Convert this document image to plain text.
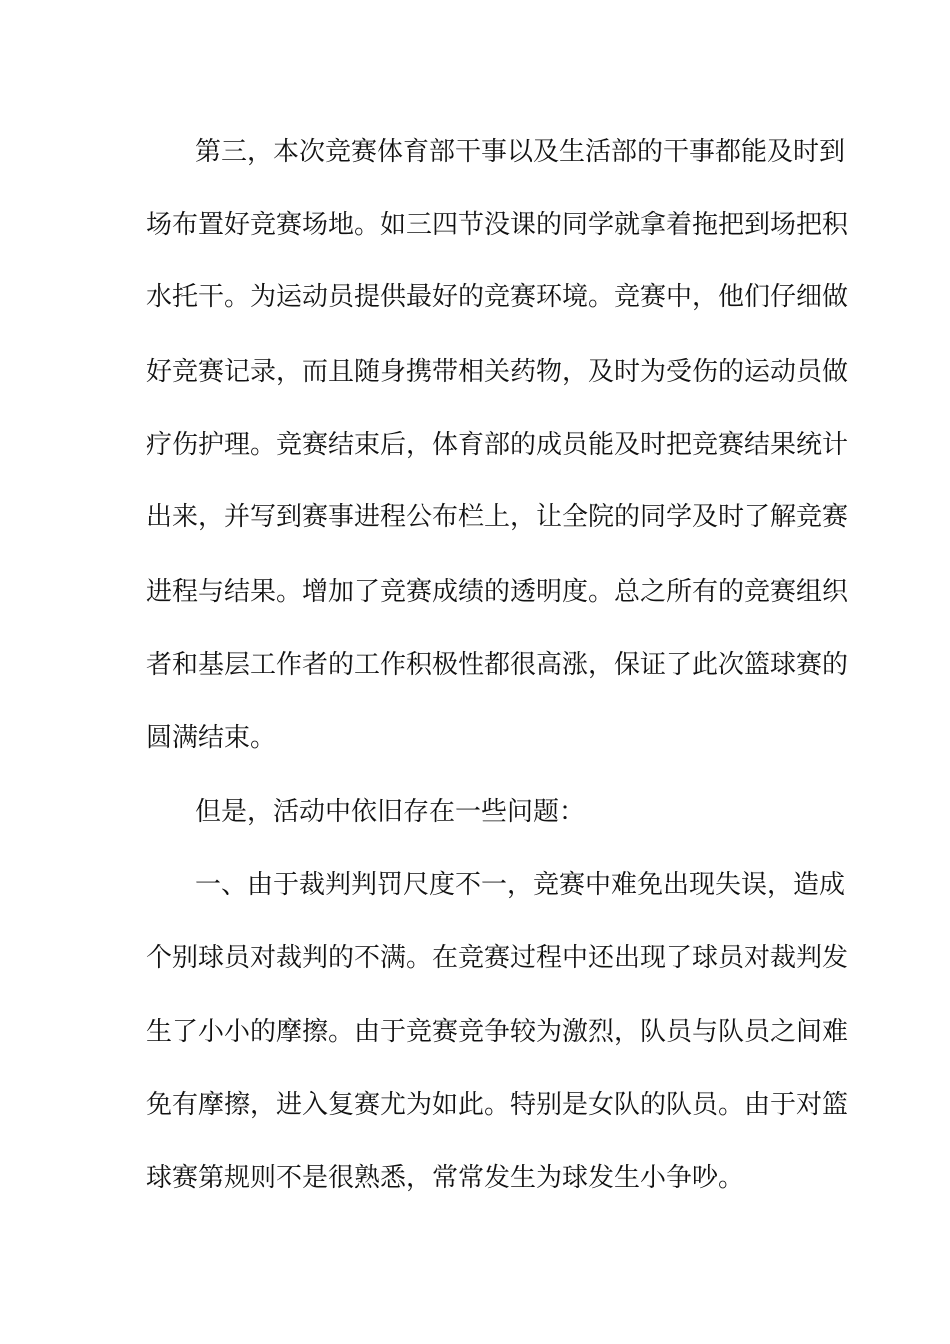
第三，本次竞赛体育部干事以及生活部的干事都能及时到
场布置好竞赛场地。如三四节没课的同学就拿着拖把到场把积
水托干。为运动员提供最好的竞赛环境。竞赛中，他们仔细做
好竞赛记录，而且随身携带相关药物，及时为受伤的运动员做
疗伤护理。竞赛结束后，体育部的成员能及时把竞赛结果统计
出来，并写到赛事进程公布栏上，让全院的同学及时了解竞赛
进程与结果。增加了竞赛成绩的透明度。总之所有的竞赛组织
者和基层工作者的工作积极性都很高涨，保证了此次篮球赛的
圆满结束。
但是，活动中依旧存在一些问题：
一、由于裁判判罚尺度不一，竞赛中难免出现失误，造成
个别球员对裁判的不满。在竞赛过程中还出现了球员对裁判发
生了小小的摩擦。由于竞赛竞争较为激烈，队员与队员之间难
免有摩擦，进入复赛尤为如此。特别是女队的队员。由于对篮
球赛第规则不是很熟悉，常常发生为球发生小争吵。
